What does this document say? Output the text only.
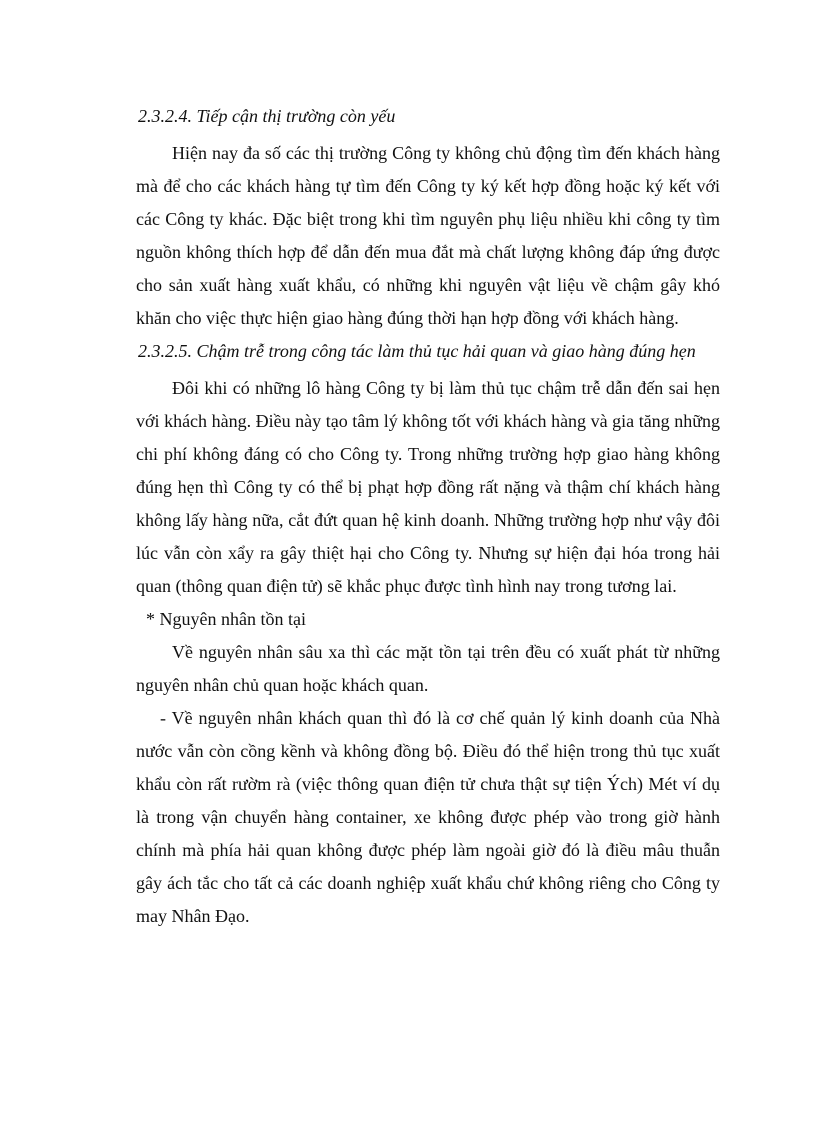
2.3.2.4. Tiếp cận thị trường còn yếu

Hiện nay đa số các thị trường Công ty không chủ động tìm đến khách hàng mà để cho các khách hàng tự tìm đến Công ty ký kết hợp đồng hoặc ký kết với các Công ty khác. Đặc biệt trong khi tìm nguyên phụ liệu nhiều khi công ty tìm nguồn không thích hợp để dẫn đến mua đắt mà chất lượng không đáp ứng được cho sản xuất hàng xuất khẩu, có những khi nguyên vật liệu về chậm gây khó khăn cho việc thực hiện giao hàng đúng thời hạn hợp đồng với khách hàng.

2.3.2.5. Chậm trễ trong công tác làm thủ tục hải quan và giao hàng đúng hẹn

Đôi khi có những lô hàng Công ty bị làm thủ tục chậm trễ dẫn đến sai hẹn với khách hàng. Điều này tạo tâm lý không tốt với khách hàng và gia tăng những chi phí không đáng có cho Công ty. Trong những trường hợp giao hàng không đúng hẹn thì Công ty có thể bị phạt hợp đồng rất nặng và thậm chí khách hàng không lấy hàng nữa, cắt đứt quan hệ kinh doanh. Những trường hợp như vậy đôi lúc vẫn còn xẩy ra gây thiệt hại cho Công ty. Nhưng sự hiện đại hóa trong hải quan (thông quan điện tử) sẽ khắc phục được tình hình nay trong tương lai.

* Nguyên nhân tồn tại

Về nguyên nhân sâu xa thì các mặt tồn tại trên đều có xuất phát từ những nguyên nhân chủ quan hoặc khách quan.

- Về nguyên nhân khách quan thì đó là cơ chế quản lý kinh doanh của Nhà nước vẫn còn cồng kềnh và không đồng bộ. Điều đó thể hiện trong thủ tục xuất khẩu còn rất rườm rà (việc thông quan điện tử chưa thật sự tiện Ých) Mét ví dụ là trong vận chuyển hàng container, xe không được phép vào trong giờ hành chính mà phía hải quan không được phép làm ngoài giờ đó là điều mâu thuẫn gây ách tắc cho tất cả các doanh nghiệp xuất khẩu chứ không riêng cho Công ty may Nhân Đạo.
